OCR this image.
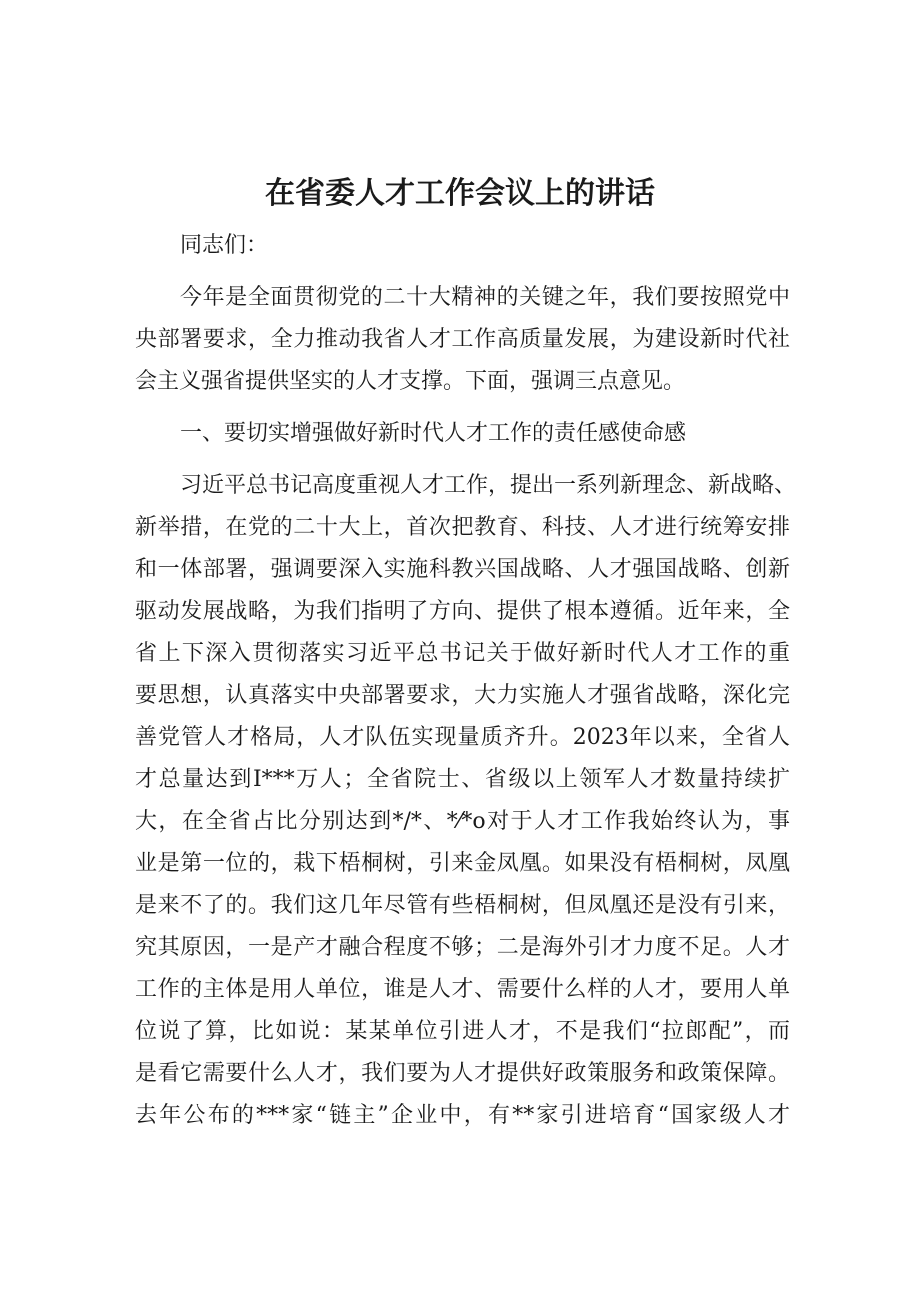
在省委人才工作会议上的讲话

同志们：

今年是全面贯彻党的二十大精神的关键之年，我们要按照党中

央部署要求，全力推动我省人才工作高质量发展，为建设新时代社

会主义强省提供坚实的人才支撑。下面，强调三点意见。

一、要切实增强做好新时代人才工作的责任感使命感

习近平总书记高度重视人才工作，提出一系列新理念、新战略、

新举措，在党的二十大上，首次把教育、科技、人才进行统筹安排

和一体部署，强调要深入实施科教兴国战略、人才强国战略、创新

驱动发展战略，为我们指明了方向、提供了根本遵循。近年来，全

省上下深入贯彻落实习近平总书记关于做好新时代人才工作的重

要思想，认真落实中央部署要求，大力实施人才强省战略，深化完

善党管人才格局，人才队伍实现量质齐升。2023年以来，全省人

才总量达到I***万人；全省院士、省级以上领军人才数量持续扩

大，在全省占比分别达到*/*、*⁄*o对于人才工作我始终认为，事

业是第一位的，栽下梧桐树，引来金凤凰。如果没有梧桐树，凤凰

是来不了的。我们这几年尽管有些梧桐树，但凤凰还是没有引来，

究其原因，一是产才融合程度不够；二是海外引才力度不足。人才

工作的主体是用人单位，谁是人才、需要什么样的人才，要用人单

位说了算，比如说：某某单位引进人才，不是我们“拉郎配”，而

是看它需要什么人才，我们要为人才提供好政策服务和政策保障。

去年公布的***家“链主”企业中，有**家引进培育“国家级人才
